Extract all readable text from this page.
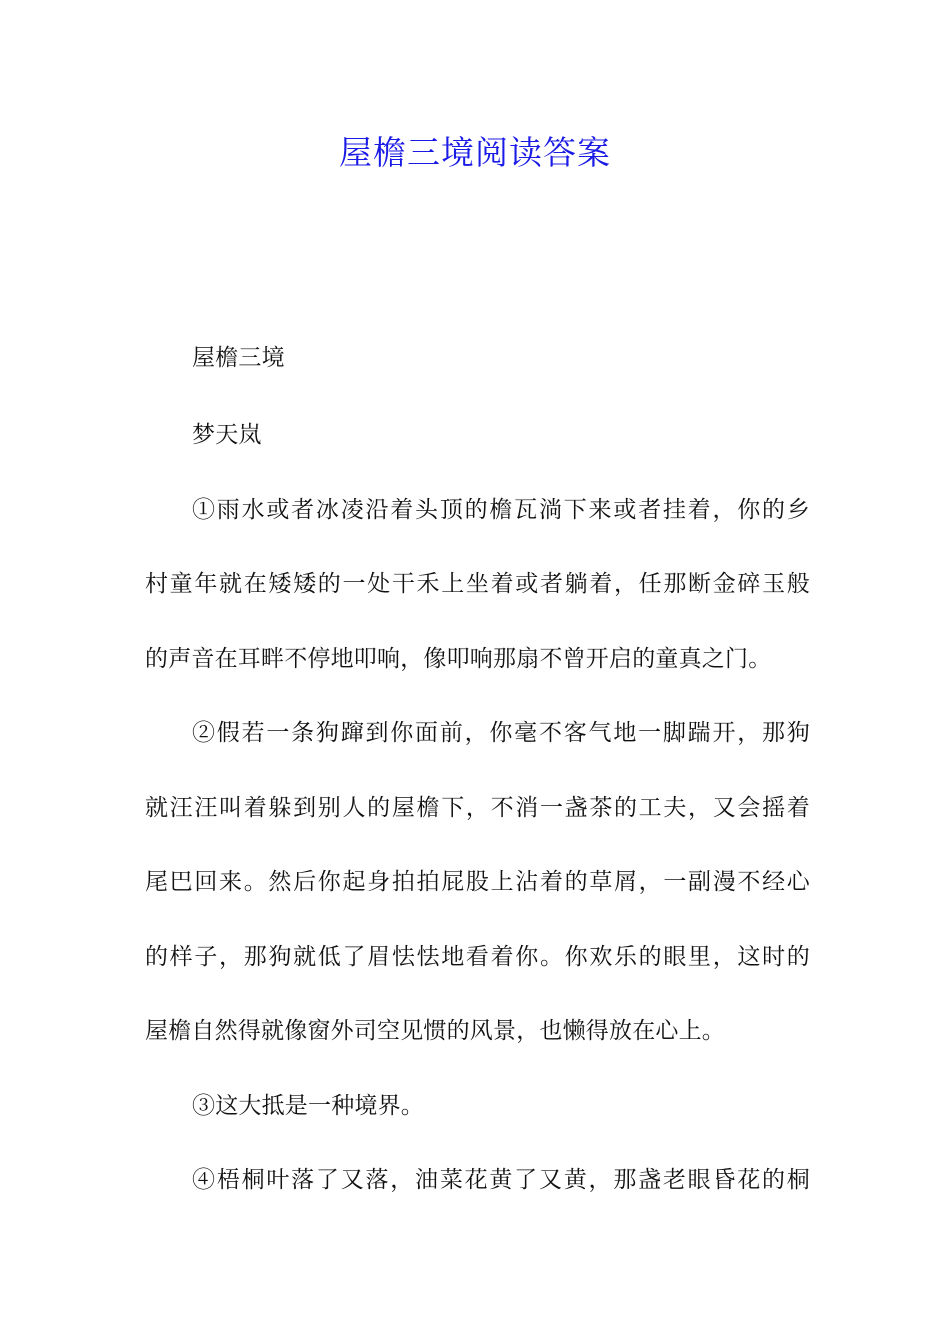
屋檐三境阅读答案
屋檐三境
梦天岚
①雨水或者冰凌沿着头顶的檐瓦淌下来或者挂着，你的乡
村童年就在矮矮的一处干禾上坐着或者躺着，任那断金碎玉般
的声音在耳畔不停地叩响，像叩响那扇不曾开启的童真之门。
②假若一条狗蹿到你面前，你毫不客气地一脚踹开，那狗
就汪汪叫着躲到别人的屋檐下，不消一盏茶的工夫，又会摇着
尾巴回来。然后你起身拍拍屁股上沾着的草屑，一副漫不经心
的样子，那狗就低了眉怯怯地看着你。你欢乐的眼里，这时的
屋檐自然得就像窗外司空见惯的风景，也懒得放在心上。
③这大抵是一种境界。
④梧桐叶落了又落，油菜花黄了又黄，那盏老眼昏花的桐
